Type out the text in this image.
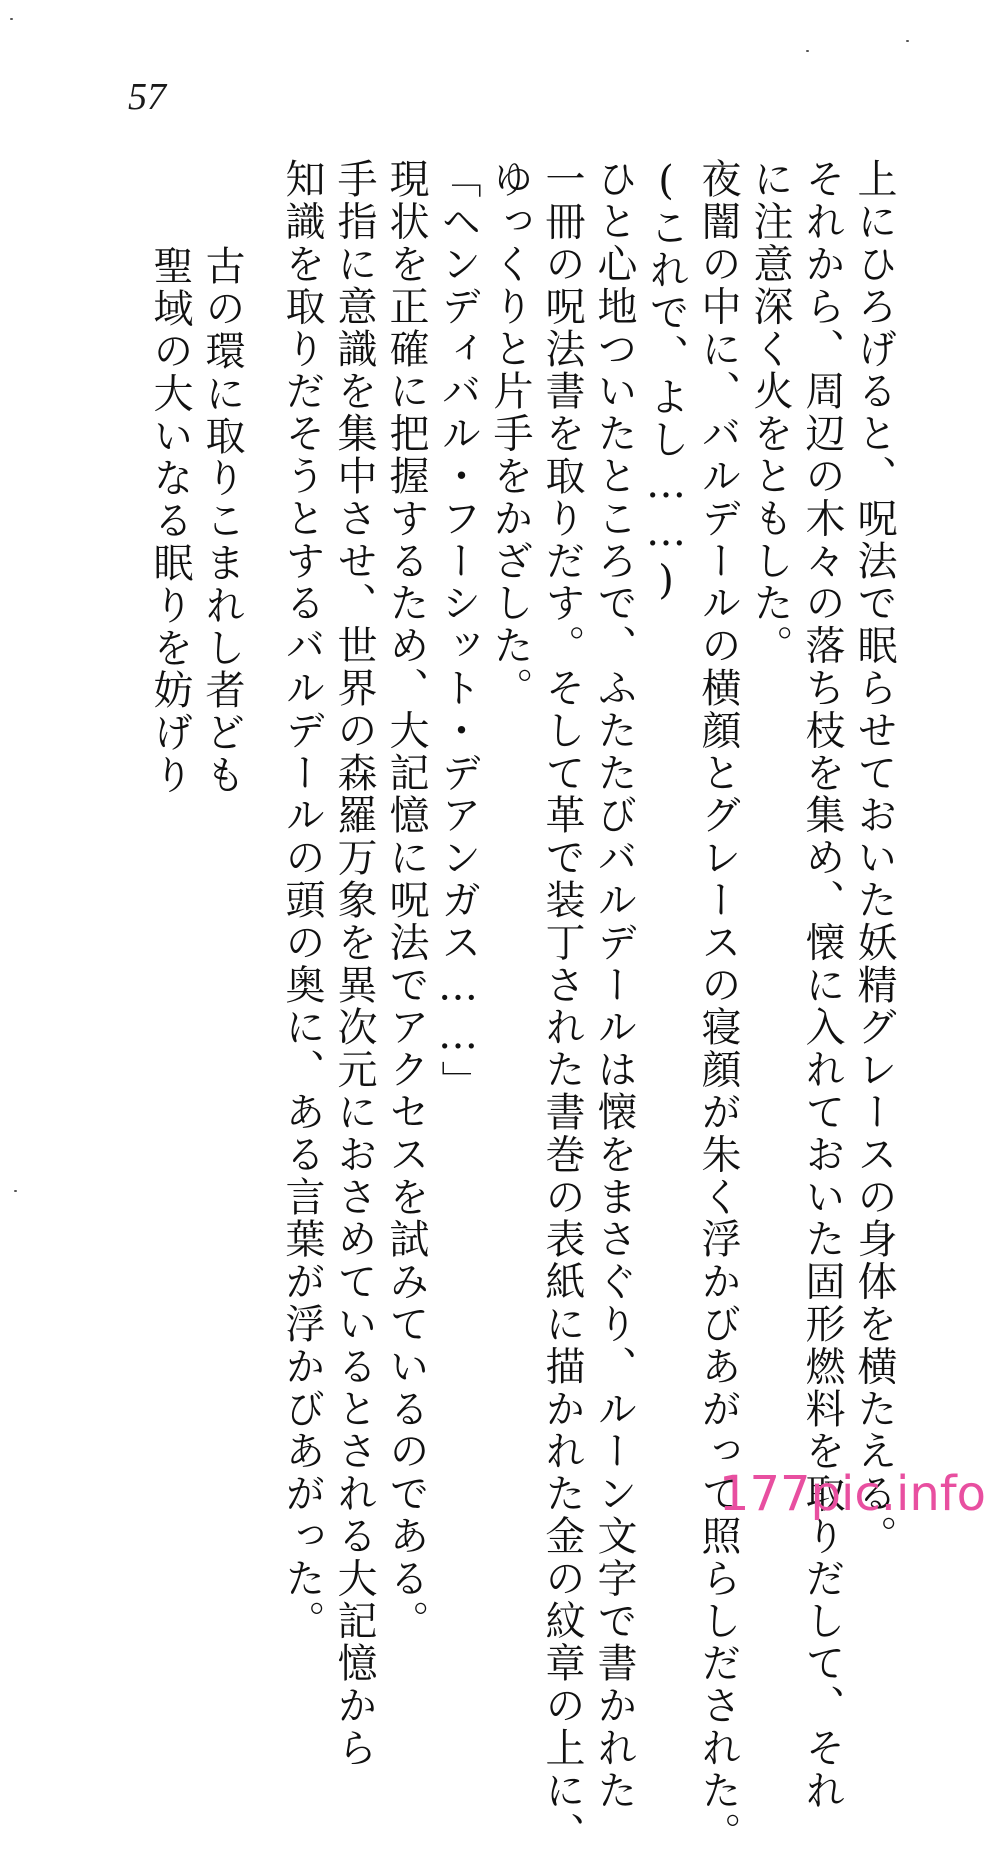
57
上にひろげると、呪法で眠らせておいた妖精グレースの身体を横たえる。
それから、周辺の木々の落ち枝を集め、懐に入れておいた固形燃料を取りだして、それ
に注意深く火をともした。
夜闇の中に、バルデールの横顔とグレースの寝顔が朱く浮かびあがって照らしだされた。
(これで、よし……)
ひと心地ついたところで、ふたたびバルデールは懐をまさぐり、ルーン文字で書かれた
一冊の呪法書を取りだす。そして革で装丁された書巻の表紙に描かれた金の紋章の上に、
ゆっくりと片手をかざした。
「ヘンディバル・フーシット・デアンガス……」
現状を正確に把握するため、大記憶に呪法でアクセスを試みているのである。
手指に意識を集中させ、世界の森羅万象を異次元におさめているとされる大記憶から
知識を取りだそうとするバルデールの頭の奥に、ある言葉が浮かびあがった。
古の環に取りこまれし者ども
聖域の大いなる眠りを妨げり
177pic.info
